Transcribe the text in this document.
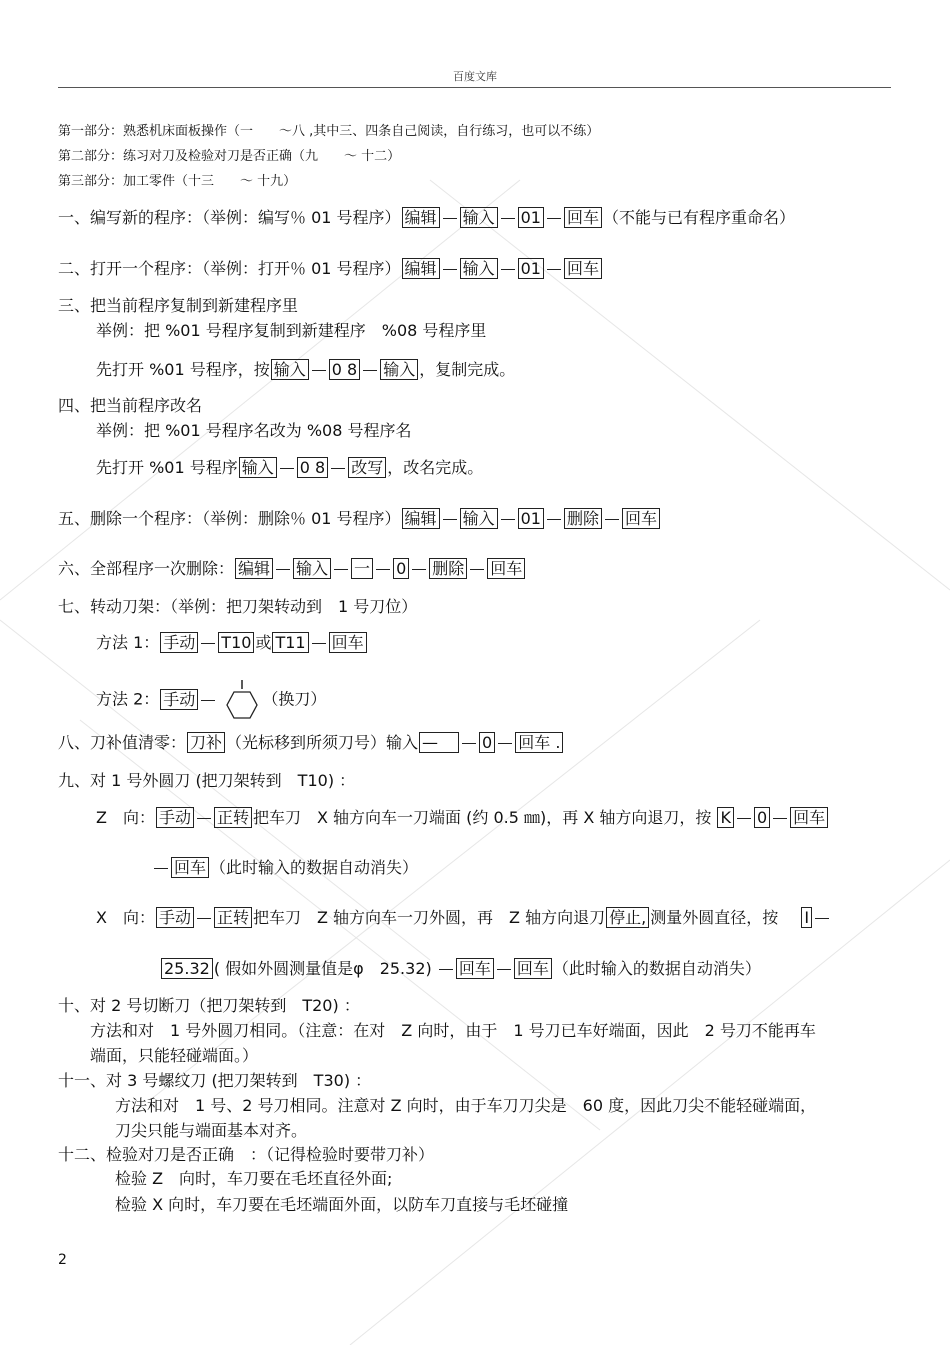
百度文库
第一部分：熟悉机床面板操作（一　　～八 ,其中三、四条自己阅读，自行练习，也可以不练）
第二部分：练习对刀及检验对刀是否正确（九　　～ 十二）
第三部分：加工零件（十三　　～ 十九）
一、编写新的程序：（举例：编写％ 01 号程序） 编辑 输入 01 回车 （不能与已有程序重命名）
二、打开一个程序：（举例：打开％ 01 号程序） 编辑 输入 01 回车
三、把当前程序复制到新建程序里
举例：把 %01 号程序复制到新建程序　%08 号程序里
先打开 %01 号程序，按 输入 0 8 输入 ，复制完成。
四、把当前程序改名
举例：把 %01 号程序名改为 %08 号程序名
先打开 %01 号程序 输入 0 8 改写 ，改名完成。
五、删除一个程序：（举例：删除％ 01 号程序） 编辑 输入 01 删除 回车
六、全部程序一次删除： 编辑 输入 一 0 删除 回车
七、转动刀架：（举例：把刀架转动到　1 号刀位）
方法 1： 手动 T10 或 T11 回车
方法 2： 手动	（换刀）
八、刀补值清零： 刀补 （光标移到所须刀号）输入 —	0 回车 .
九、对 1 号外圆刀 (把刀架转到　T10) ：
Z　向： 手动 正转 把车刀　X 轴方向车一刀端面 (约 0.5 ㎜)，再 X 轴方向退刀，按 K 0 回车
回车 （此时输入的数据自动消失）
X　向： 手动 正转 把车刀　Z 轴方向车一刀外圆，再　Z 轴方向退刀 停止, 测量外圆直径，按 I
25.32 ( 假如外圆测量值是φ　25.32) 回车 回车 （此时输入的数据自动消失）
十、对 2 号切断刀（把刀架转到　T20) ：
方法和对　1 号外圆刀相同。（注意：在对　Z 向时，由于　1 号刀已车好端面，因此　2 号刀不能再车
端面，只能轻碰端面。）
十一、对 3 号螺纹刀 (把刀架转到　T30) ：
方法和对　1 号、2 号刀相同。注意对 Z 向时，由于车刀刀尖是　60 度，因此刀尖不能轻碰端面，
刀尖只能与端面基本对齐。
十二、检验对刀是否正确　：（记得检验时要带刀补）
检验 Z　向时，车刀要在毛坯直径外面;
检验 X 向时，车刀要在毛坯端面外面，以防车刀直接与毛坯碰撞
2
